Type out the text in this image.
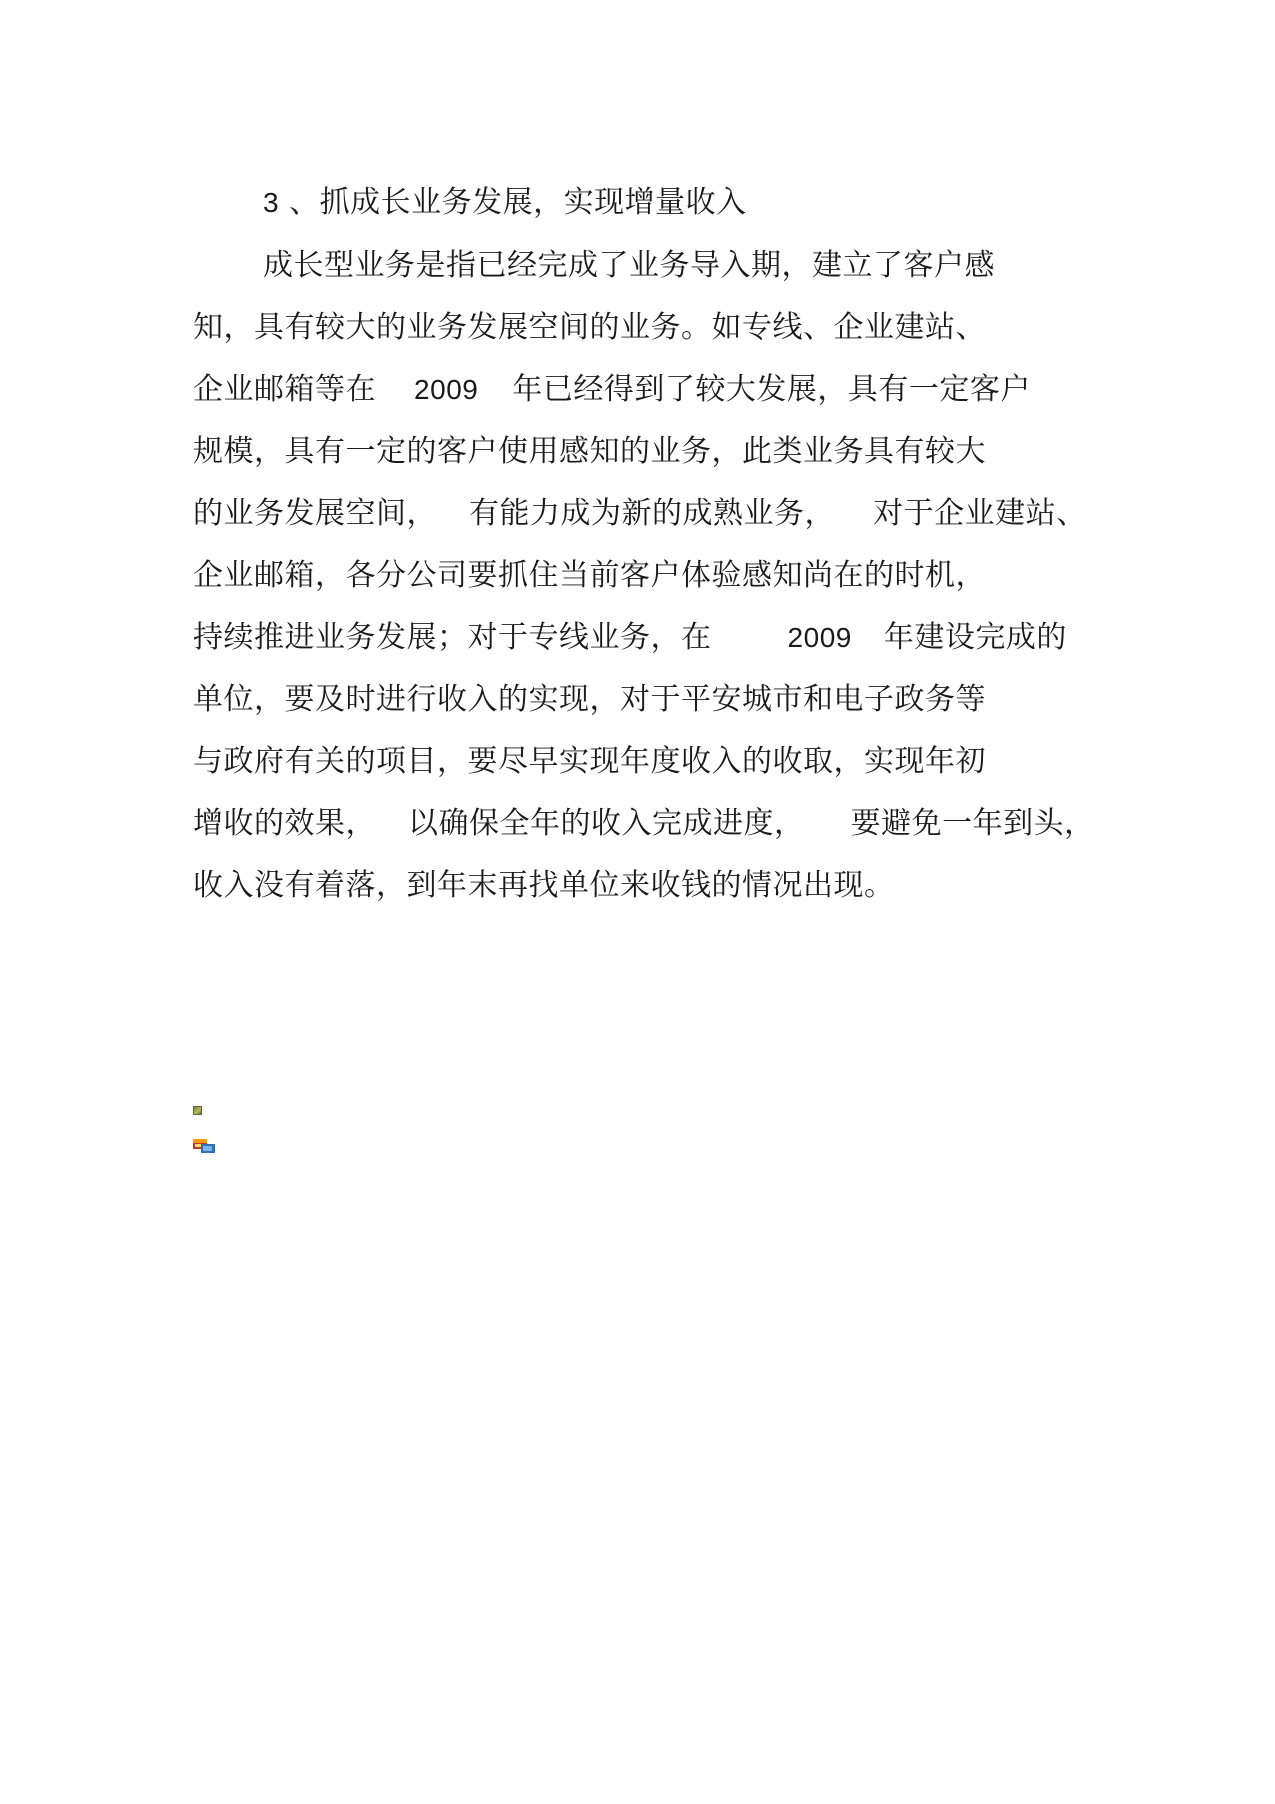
3 、抓成长业务发展，实现增量收入
成长型业务是指已经完成了业务导入期，建立了客户感
知，具有较大的业务发展空间的业务。如专线、企业建站、
企业邮箱等在 2009 年已经得到了较大发展，具有一定客户
规模，具有一定的客户使用感知的业务，此类业务具有较大
的业务发展空间， 有能力成为新的成熟业务， 对于企业建站、
企业邮箱，各分公司要抓住当前客户体验感知尚在的时机，
持续推进业务发展；对于专线业务，在	2009 年建设完成的
单位，要及时进行收入的实现，对于平安城市和电子政务等
与政府有关的项目，要尽早实现年度收入的收取，实现年初
增收的效果， 以确保全年的收入完成进度， 要避免一年到头，
收入没有着落，到年末再找单位来收钱的情况出现。
